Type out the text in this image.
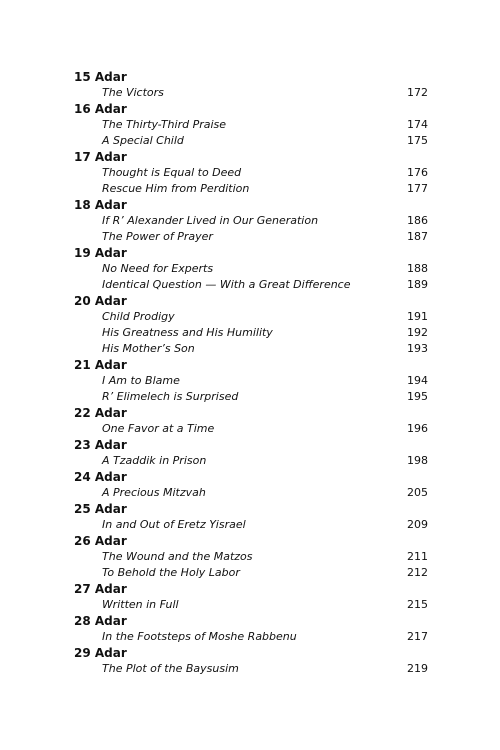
15 Adar
The Victors	172
16 Adar
The Thirty-Third Praise	174
A Special Child	175
17 Adar
Thought is Equal to Deed	176
Rescue Him from Perdition	177
18 Adar
If R’ Alexander Lived in Our Generation	186
The Power of Prayer	187
19 Adar
No Need for Experts	188
Identical Question — With a Great Difference	189
20 Adar
Child Prodigy	191
His Greatness and His Humility	192
His Mother’s Son	193
21 Adar
I Am to Blame	194
R’ Elimelech is Surprised	195
22 Adar
One Favor at a Time	196
23 Adar
A Tzaddik in Prison	198
24 Adar
A Precious Mitzvah	205
25 Adar
In and Out of Eretz Yisrael	209
26 Adar
The Wound and the Matzos	211
To Behold the Holy Labor	212
27 Adar
Written in Full	215
28 Adar
In the Footsteps of Moshe Rabbenu	217
29 Adar
The Plot of the Baysusim	219
